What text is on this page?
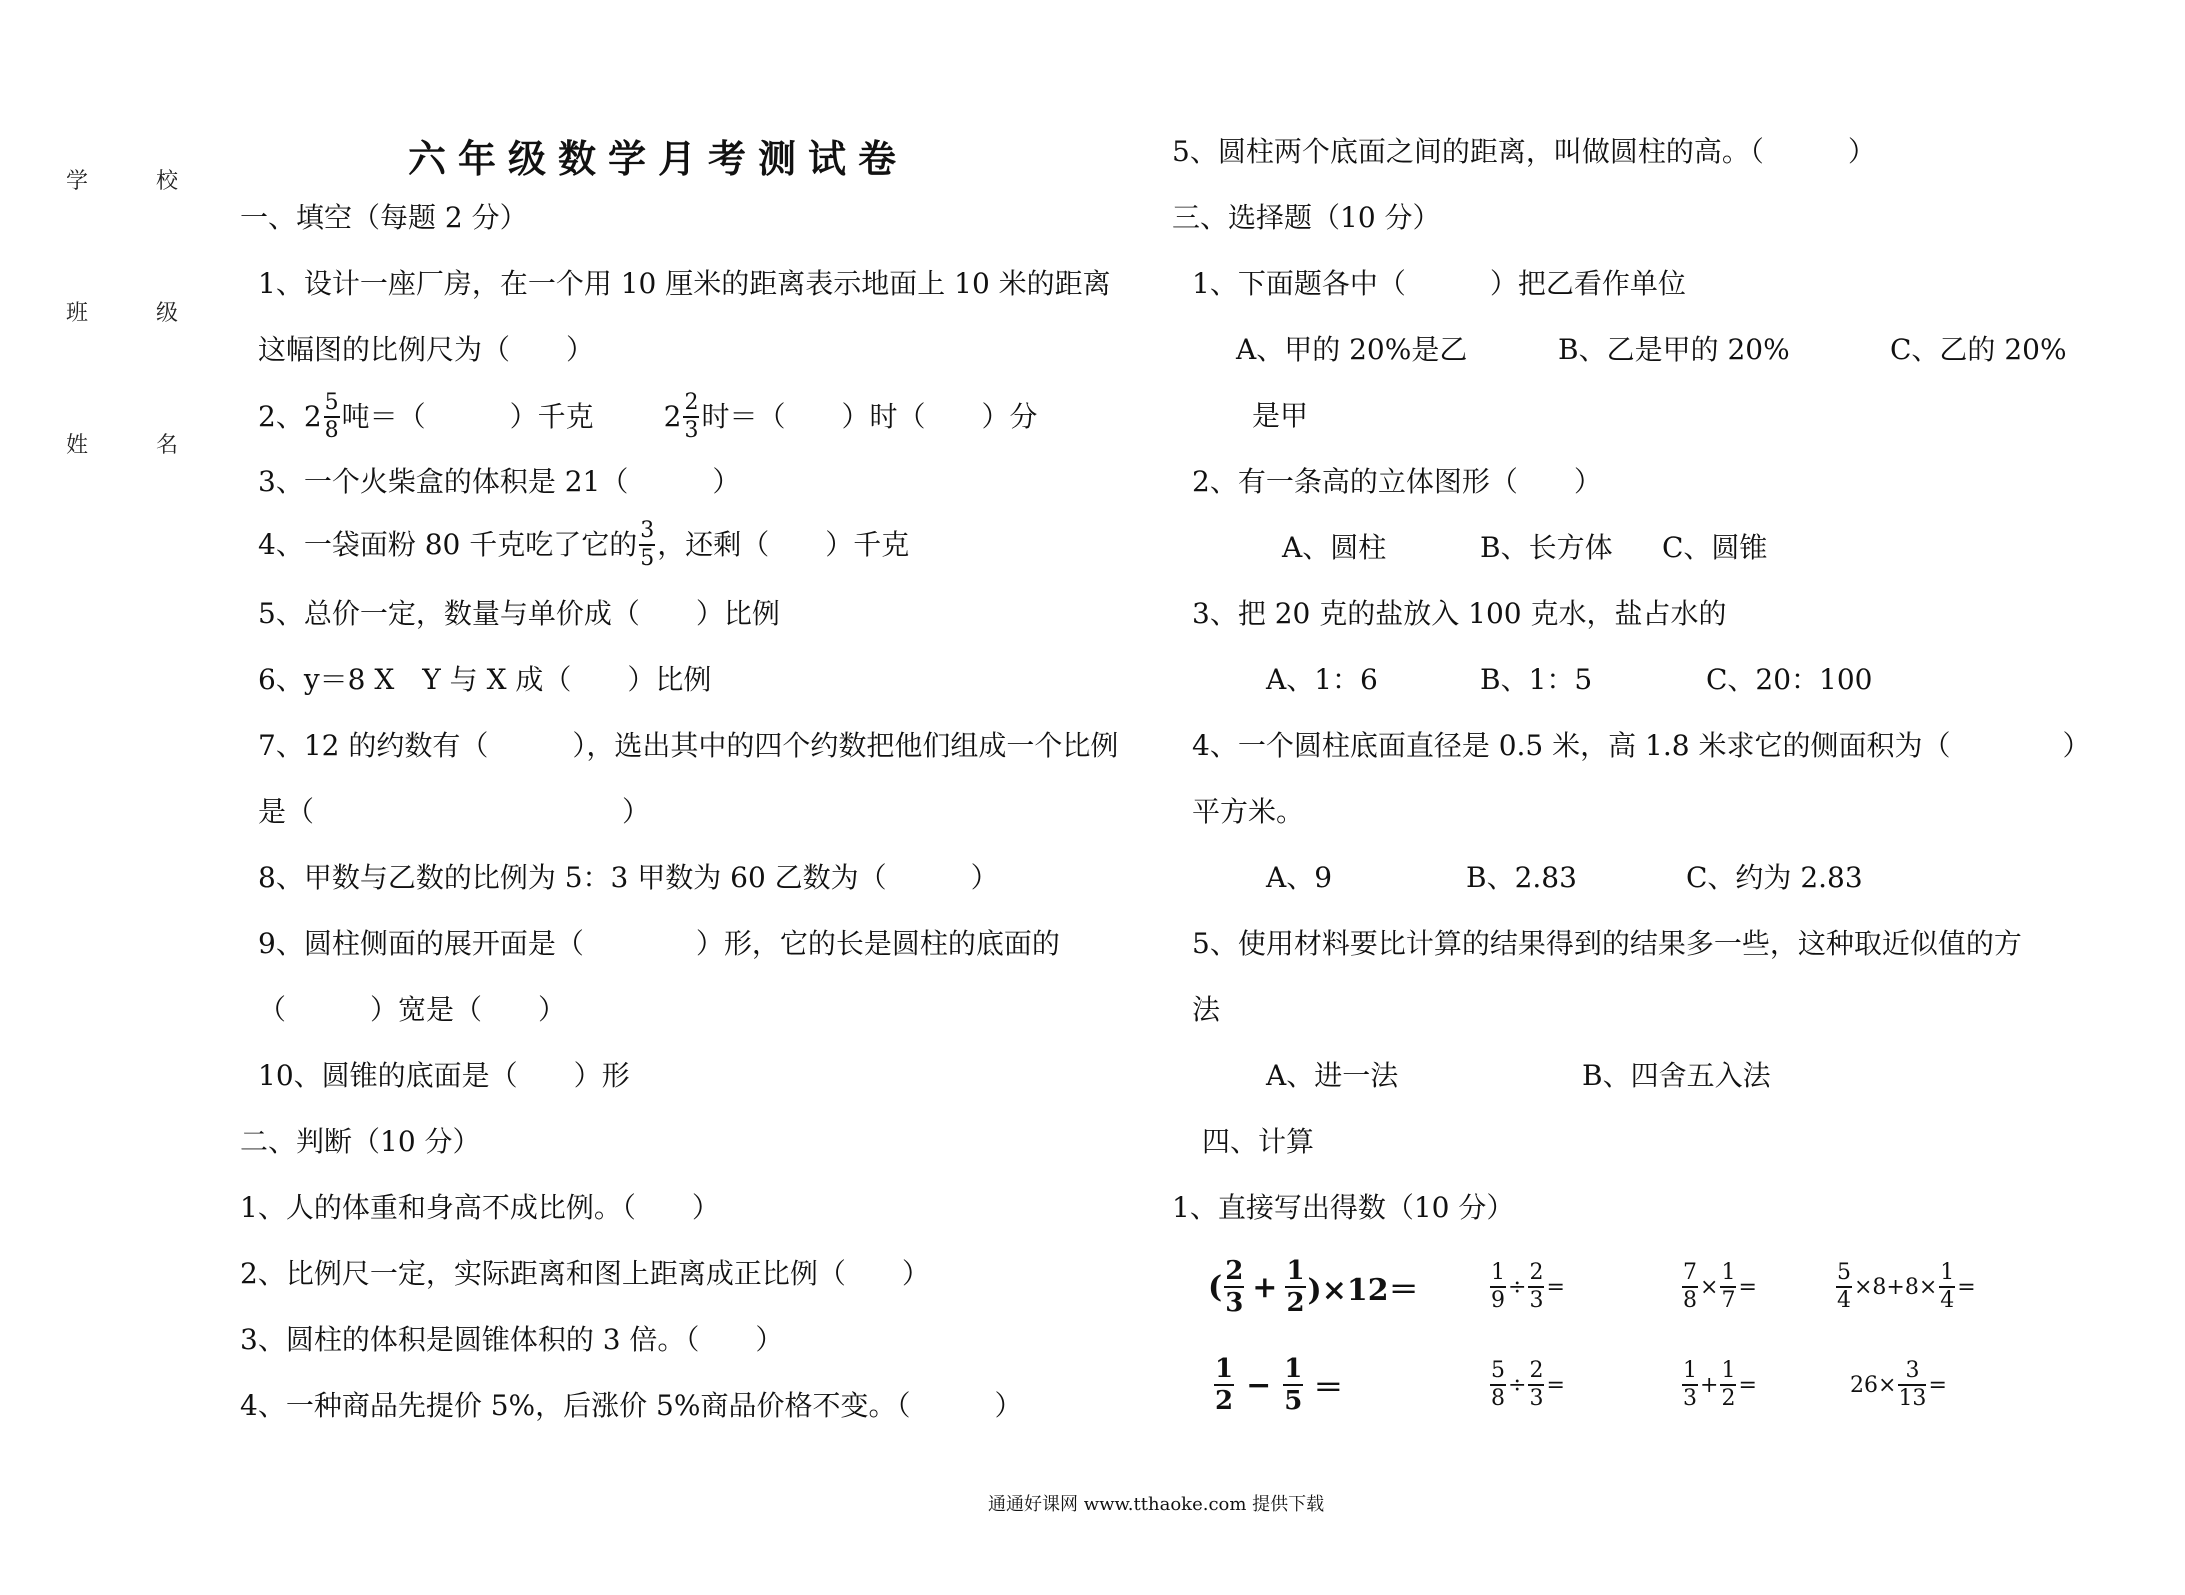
学	校
班	级
姓	名
六年级数学月考测试卷
一、填空（每题 2 分）
1、设计一座厂房，在一个用 10 厘米的距离表示地面上 10 米的距离
这幅图的比例尺为（　　）
2、$2 \frac{5}{8}$ 吨＝（　　　）千克	$2 \frac{2}{3}$ 时＝（　　）时（　　）分
3、一个火柴盒的体积是 21（　　　）
4、一袋面粉 80 千克吃了它的 $\frac{3}{5}$ ，还剩（　　）千克
5、总价一定，数量与单价成（　　）比例
6、y＝8 X　Y 与 X 成（　　）比例
7、12 的约数有（　　　），选出其中的四个约数把他们组成一个比例
是（　　　　　　　　　　　）
8、甲数与乙数的比例为 5：3 甲数为 60 乙数为（　　　）
9、圆柱侧面的展开面是（　　　　）形，它的长是圆柱的底面的
（　　　）宽是（　　）
10、圆锥的底面是（　　）形
二、判断（10 分）
1、人的体重和身高不成比例。（　　）
2、比例尺一定，实际距离和图上距离成正比例（　　）
3、圆柱的体积是圆锥体积的 3 倍。（　　）
4、一种商品先提价 5%，后涨价 5%商品价格不变。（　　　）
5、圆柱两个底面之间的距离，叫做圆柱的高。（　　　）
三、选择题（10 分）
1、下面题各中（　　　）把乙看作单位
A、甲的 20%是乙	B、乙是甲的 20%	C、乙的 20%
是甲
2、有一条高的立体图形（　　）
A、圆柱	B、长方体 C、圆锥
3、把 20 克的盐放入 100 克水，盐占水的
A、1：6	B、1：5	C、20：100
4、一个圆柱底面直径是 0.5 米，高 1.8 米求它的侧面积为（　　　　）
平方米。
A、9	B、2.83	C、约为 2.83
5、使用材料要比计算的结果得到的结果多一些，这种取近似值的方
法
A、进一法	B、四舍五入法
四、计算
1、直接写出得数（10 分）
( $\frac{2}{3} + \frac{1}{2} )\times 12=$	$\frac{1}{9} \div \frac{2}{3}$ =	$\frac{7}{8} \times \frac{1}{7}$ =	$\frac{5}{4} \times 8+8\times \frac{1}{4}$ =
$\frac{1}{2} - \frac{1}{5}$ ＝	$\frac{5}{8} \div \frac{2}{3}$ =	$\frac{1}{3} + \frac{1}{2}$ =	$26\times \frac{3}{13}$ =
通通好课网 www.tthaoke.com 提供下载
